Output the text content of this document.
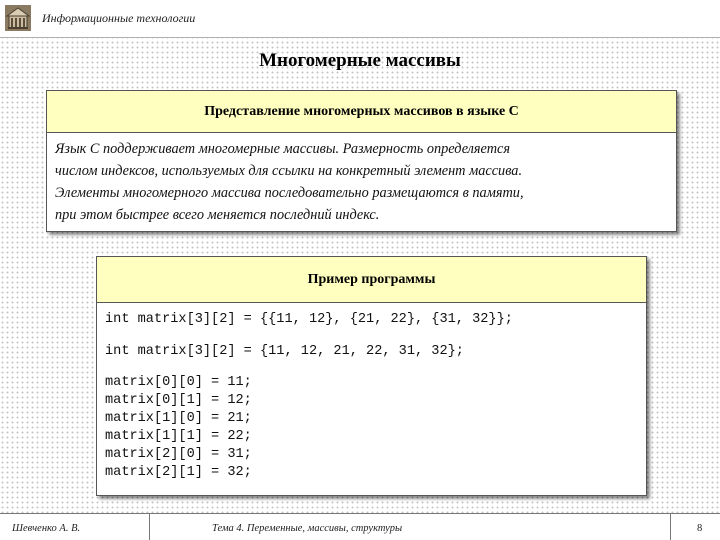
Информационные технологии
Многомерные массивы
Представление многомерных массивов в языке С
Язык С поддерживает многомерные массивы. Размерность определяется
числом индексов, используемых для ссылки на конкретный элемент массива.
Элементы многомерного массива последовательно размещаются в памяти,
при этом быстрее всего меняется последний индекс.
Пример программы
int matrix[3][2] = {{11, 12}, {21, 22}, {31, 32}};
int matrix[3][2] = {11, 12, 21, 22, 31, 32};
matrix[0][0] = 11;
matrix[0][1] = 12;
matrix[1][0] = 21;
matrix[1][1] = 22;
matrix[2][0] = 31;
matrix[2][1] = 32;
Шевченко А. В.	Тема 4. Переменные, массивы, структуры	8
